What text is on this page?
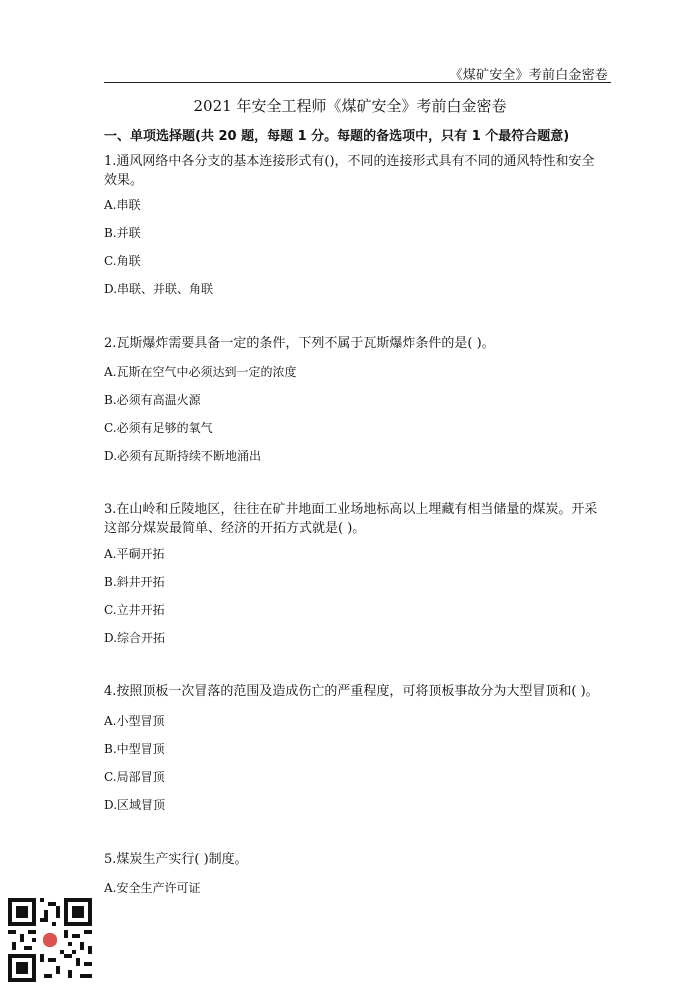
《煤矿安全》考前白金密卷
2021 年安全工程师《煤矿安全》考前白金密卷
一、单项选择题(共 20 题，每题 1 分。每题的备选项中，只有 1 个最符合题意)

1.通风网络中各分支的基本连接形式有()，不同的连接形式具有不同的通风特性和安全效果。

A.串联
B.并联
C.角联
D.串联、并联、角联

2.瓦斯爆炸需要具备一定的条件，下列不属于瓦斯爆炸条件的是( )。

A.瓦斯在空气中必须达到一定的浓度
B.必须有高温火源
C.必须有足够的氧气
D.必须有瓦斯持续不断地涌出

3.在山岭和丘陵地区，往往在矿井地面工业场地标高以上埋藏有相当储量的煤炭。开采这部分煤炭最简单、经济的开拓方式就是( )。

A.平硐开拓
B.斜井开拓
C.立井开拓
D.综合开拓

4.按照顶板一次冒落的范围及造成伤亡的严重程度，可将顶板事故分为大型冒顶和( )。

A.小型冒顶
B.中型冒顶
C.局部冒顶
D.区域冒顶

5.煤炭生产实行( )制度。

A.安全生产许可证
